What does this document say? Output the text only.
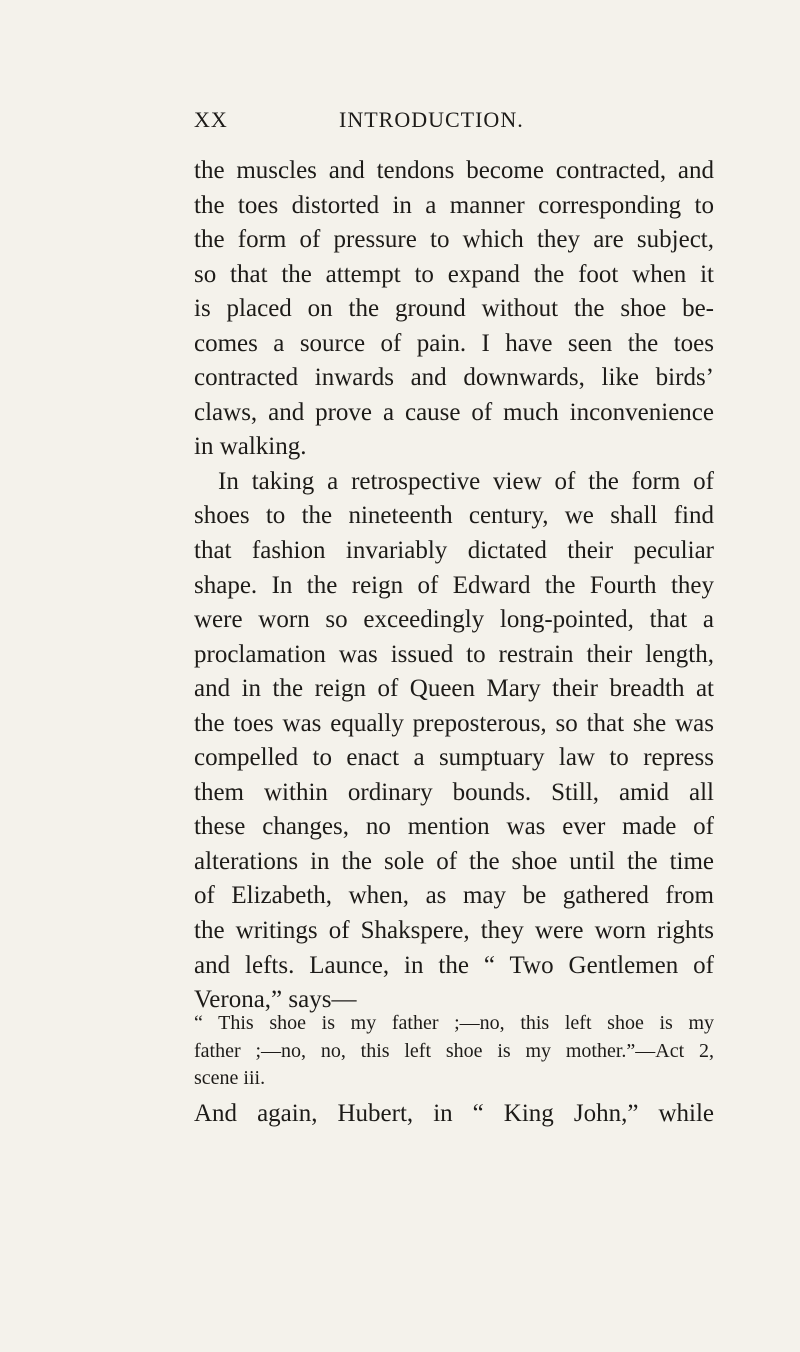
XX	INTRODUCTION.
the muscles and tendons become contracted, and
the toes distorted in a manner corresponding to
the form of pressure to which they are subject,
so that the attempt to expand the foot when it
is placed on the ground without the shoe be-
comes a source of pain. I have seen the toes
contracted inwards and downwards, like birds’
claws, and prove a cause of much inconvenience
in walking.
In taking a retrospective view of the form of
shoes to the nineteenth century, we shall find
that fashion invariably dictated their peculiar
shape. In the reign of Edward the Fourth they
were worn so exceedingly long-pointed, that a
proclamation was issued to restrain their length,
and in the reign of Queen Mary their breadth at
the toes was equally preposterous, so that she was
compelled to enact a sumptuary law to repress
them within ordinary bounds. Still, amid all
these changes, no mention was ever made of
alterations in the sole of the shoe until the time
of Elizabeth, when, as may be gathered from
the writings of Shakspere, they were worn rights
and lefts. Launce, in the “ Two Gentlemen of
Verona,” says—
“ This shoe is my father ;—no, this left shoe is my
father ;—no, no, this left shoe is my mother.”—Act 2,
scene iii.
And again, Hubert, in “ King John,” while
